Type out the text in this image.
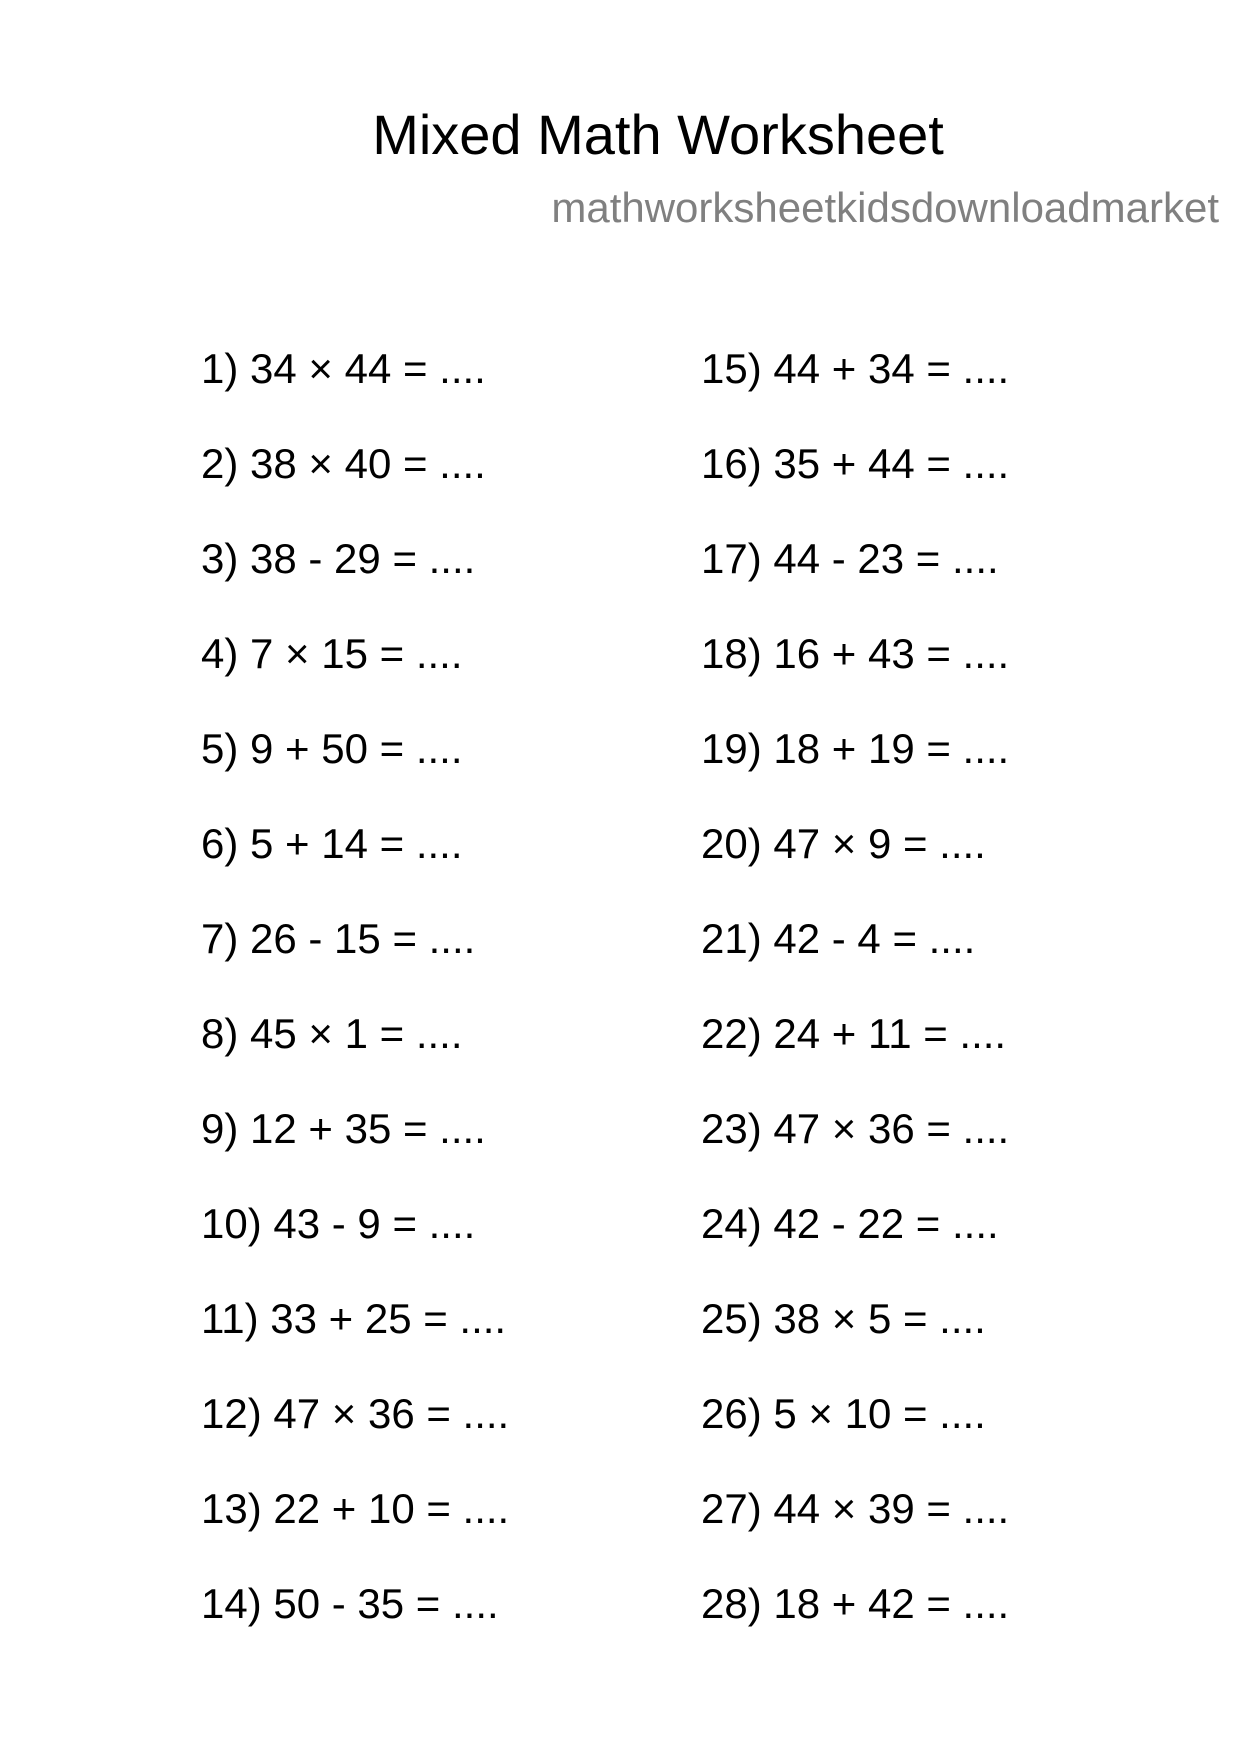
Mixed Math Worksheet
mathworksheetkidsdownloadmarket
1) 34 × 44 = ....
2) 38 × 40 = ....
3) 38 - 29 = ....
4) 7 × 15 = ....
5) 9 + 50 = ....
6) 5 + 14 = ....
7) 26 - 15 = ....
8) 45 × 1 = ....
9) 12 + 35 = ....
10) 43 - 9 = ....
11) 33 + 25 = ....
12) 47 × 36 = ....
13) 22 + 10 = ....
14) 50 - 35 = ....
15) 44 + 34 = ....
16) 35 + 44 = ....
17) 44 - 23 = ....
18) 16 + 43 = ....
19) 18 + 19 = ....
20) 47 × 9 = ....
21) 42 - 4 = ....
22) 24 + 11 = ....
23) 47 × 36 = ....
24) 42 - 22 = ....
25) 38 × 5 = ....
26) 5 × 10 = ....
27) 44 × 39 = ....
28) 18 + 42 = ....
